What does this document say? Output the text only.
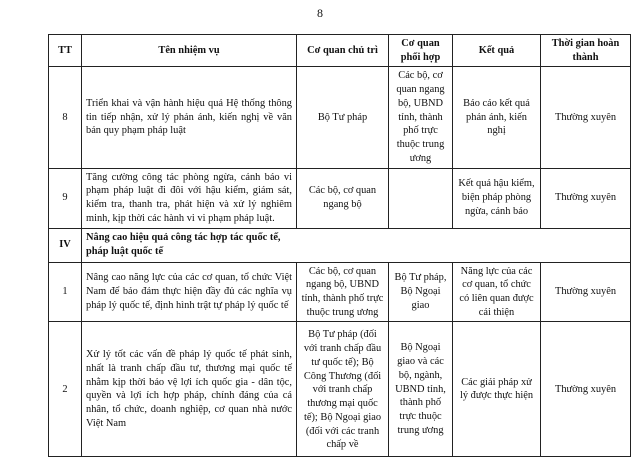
8
TT	Tên nhiệm vụ	Cơ quan chủ trì	Cơ quan phối hợp	Kết quả	Thời gian hoàn thành
8	Triển khai và vận hành hiệu quả Hệ thống thông tin tiếp nhận, xử lý phản ánh, kiến nghị về văn bản quy phạm pháp luật	Bộ Tư pháp	Các bộ, cơ quan ngang bộ, UBND tỉnh, thành phố trực thuộc trung ương	Báo cáo kết quả phản ánh, kiến nghị	Thường xuyên
9	Tăng cường công tác phòng ngừa, cảnh báo vi phạm pháp luật đi đôi với hậu kiểm, giám sát, kiểm tra, thanh tra, phát hiện và xử lý nghiêm minh, kịp thời các hành vi vi phạm pháp luật.	Các bộ, cơ quan ngang bộ		Kết quả hậu kiểm, biện pháp phòng ngừa, cảnh báo	Thường xuyên
IV	Nâng cao hiệu quả công tác hợp tác quốc tế, pháp luật quốc tế				
1	Nâng cao năng lực của các cơ quan, tổ chức Việt Nam để bảo đảm thực hiện đầy đủ các nghĩa vụ pháp lý quốc tế, định hình trật tự pháp lý quốc tế	Các bộ, cơ quan ngang bộ, UBND tỉnh, thành phố trực thuộc trung ương	Bộ Tư pháp, Bộ Ngoại giao	Năng lực của các cơ quan, tổ chức có liên quan được cải thiện	Thường xuyên
2	Xử lý tốt các vấn đề pháp lý quốc tế phát sinh, nhất là tranh chấp đầu tư, thương mại quốc tế nhằm kịp thời bảo vệ lợi ích quốc gia - dân tộc, quyền và lợi ích hợp pháp, chính đáng của cá nhân, tổ chức, doanh nghiệp, cơ quan nhà nước Việt Nam	Bộ Tư pháp (đối với tranh chấp đầu tư quốc tế); Bộ Công Thương (đối với tranh chấp thương mại quốc tế); Bộ Ngoại giao (đối với các tranh chấp về	Bộ Ngoại giao và các bộ, ngành, UBND tỉnh, thành phố trực thuộc trung ương	Các giải pháp xử lý được thực hiện	Thường xuyên
